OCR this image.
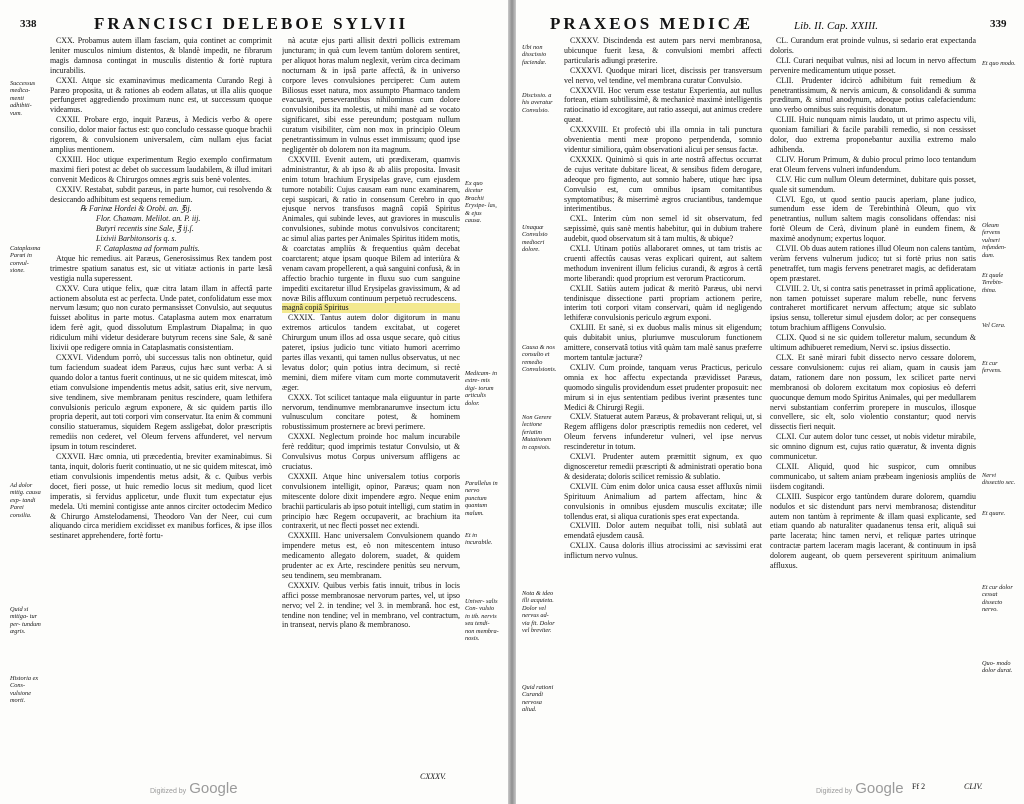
338	FRANCISCI DELEBOE SYLVII
Successus medica- menti adhibiti- vum.
Cataplasma Parœi in convul- sione.
Ad dolor mitig. causa exp- tandi Parei consilia.
Quid si mitiga- tur per- tundum ægris.
Historia ex Cons- vulsione morti.

CXX. Probamus autem illam fasciam, quia continet ac comprimit leniter musculos nimium distentos, & blandè impedit, ne fibrarum magis damnosa contingat in musculis distentio & fortè ruptura incurabilis.

CXXI. Atque sic examinavimus medicamenta Curando Regi à Paræo proposita, ut & rationes ab eodem allatas, ut illa aliis quoque perfungeret aggrediendo proximum nunc est, ut successum quoque videamus.

CXXII. Probare ergo, inquit Paræus, à Medicis verbo & opere consilio, dolor maior factus est: quo concludo cessasse quoque brachii rigorem, & convulsionem universalem, cùm nullam ejus faciat amplius mentionem.

CXXIII. Hoc utique experimentum Regio exemplo confirmatum maximi fieri potest ac debet ob successum laudabilem, & illud imitari convenit Medicos & Chirurgos omnes ægris suis benè volentes.

CXXIV. Restabat, subdit paræus, in parte humor, cui resolvendo & desiccando adhibitum est sequens remedium.

℞ Farinæ Hordei & Orobi. an. ℥ij.

Flor. Chamam. Melilot. an. P. iij.

Butyri recentis sine Sale, ℥ ij.ſ.

Lixivii Barbitonsoris q. s.

F. Cataplasma ad formam pultis.

Atque hic remedius. ait Paræus, Generosissimus Rex tandem post trimestre spatium sanatus est, sic ut vitiatæ actionis in parte læsâ vestigia nulla superessent.

CXXV. Cura utique felix, quæ citra latam illam in affectâ parte actionem absoluta est ac perfecta. Unde patet, confolidatum esse mox nervum læsum; quo non curato permansisset Convulsio, aut sequutus fuisset abolitus in parte motus. Cataplasma autem mox enarratum idem ferè agit, quod dissolutum Emplastrum Diapalma; in quo ridiculum mihi videtur desiderare butyrum recens sine Sale, & sanè lixivii ope redigere omnia in Cataplasmatis consistentiam.

CXXVI. Videndum porrò, ubi successus talis non obtinetur, quid tum faciendum suadeat idem Paræus, cujus hæc sunt verba: A si quando dolor a tantus fuerit continuus, ut ne sic quidem mitescat, imò etiam convulsione impendentis metus adsit, satius erit, sive nervum, sive tendinem, sive membranam penitus rescindere, quam lethifera convulsionis periculo ægrum exponere, & sic quidem partis illo propria deperit, aut toti corpori vim conservatur. Ita enim & communi consilio statueramus, siquidem Regem assligebat, dolor præscriptis remediis non cederet, vel Oleum fervens affunderet, vel nervum ipsum in totum rescinderet.

CXXVII. Hæc omnia, uti præcedentia, breviter examinabimus. Si tanta, inquit, doloris fuerit continuatio, ut ne sic quidem mitescat, imò etiam convulsionis impendentis metus adsit, & c. Quibus verbis docet, fieri posse, ut huic remedio locus sit medium, quod licet imperatis, si fervidus applicetur, unde fluxit tum expectatur ejus medela. Uti meminì contigisse ante annos circiter octodecim Medico & Chirurgo Amstelodamensi, Theodoro Van der Neer, cui cum aliquando circa meridiem excidisset ex manibus forfices, & ipse illos sestinaret apprehendere, fortè fortu-

nà acutæ ejus parti allisit dextri pollicis extremam juncturam; in quà cum levem tantùm dolorem sentiret, per aliquot horas malum neglexit, verùm circa decimam nocturnam & in ipsâ parte affectâ, & in universo corpore leves convulsiones perciperet: Cum autem Biliosus esset natura, mox assumpto Pharmaco tandem evacuavit, perseverantibus nihilominus cum dolore convulsionibus ita molestis, ut mihi manè ad se vocato significaret, sibi esse pereundum; postquam nullum curatum visibiliter, cùm non mox in principio Oleum penetrantissimum in vulnus esset immissum; quod ipse negligentèr ob dolorem non ita magnum.

CXXVIII. Evenit autem, uti prædixeram, quamvis administrantur, & ab ipso & ab aliis proposita. Invasit enim totum brachium Erysipelas grave, cum ejusdem tumore notabili: Cujus causam eam nunc examinarem, cepi suspicari, & ratio in consensum Cerebro in quo ejusque nervos transfusos magnâ copiâ Spiritus Animales, qui subinde leves, aut graviores in musculis convulsiones, subinde motus convulsivos concitarent; ac simul alias partes per Animales Spiritus itidem motis, & coarctatas ampliùs & frequentius quàm decebat coarctarent; atque ipsam quoque Bilem ad interiùra & venam cavam propellerent, a quà sanguini confusà, & in affectio brachio turgente in fluxu suo cum sanguine impediti excitaretur illud Erysipelas gravissimum, & ad novæ Bilis affluxum continuum perpetuò recrudescens.

magnâ copiâ Spiritus

CXXIX. Tantus autem dolor digitorum in manu extremos articulos tandem excitabat, ut cogeret Chirurgum unum illos ad ossa usque secare, quò citius pateret, ipsius judicio tunc vitiato humori acerrimo partes illas vexanti, qui tamen nullus observatus, ut nec levatus dolor; quin potius intra decimum, si rectè memini, diem mifere vitam cum morte commutaverit æger.

CXXX. Tot scilicet tantaque mala eiiguuntur in parte nervorum, tendinumve membranarumve insectum ictu vulnusculum concitare potest, & hominem robustissimum prosternere ac brevi perimere.

CXXXI. Neglectum proinde hoc malum incurabile ferè redditur; quod imprimis testatur Convulsio, ut & Convulsivus motus Corpus universum affligens ac cruciatus.

CXXXII. Atque hinc universalem totius corporis convulsionem intelligit, opinor, Paræus; quam non mitescente dolore dixit impendere ægro. Neque enim brachii particularis ab ipso potuit intelligi, cum statim in principio hæc Regem occupaverit, ac brachium ita contraxerit, ut nec flecti posset nec extendi.

CXXXIII. Hanc universalem Convulsionem quando impendere metus est, eò non mitescentem intuso medicamento allegato dolorem, suadet, & quidem prudenter ac ex Arte, rescindere penitùs seu nervum, seu tendinem, seu membranam.

CXXXIV. Quibus verbis fatis innuit, tribus in locis affici posse membranosae nervorum partes, vel, ut ipso nervo; vel 2. in tendine; vel 3. in membranâ. hoc est, tendine non tendine; vel in membrano, vel contractum, in transeat, nervis plano & membranoso.

Ex quo dicetur Brachii Erysipe- las, & ejus causa.
Medicam- in extre- mis digi- torum articulis dolor.
Parallelus in nervo punctum quantum malum.
Et in incurabile.
Univer- salis Con- vulsio in tib. nervis seu tendi- non membra- nosis.
CXXXV.
Digitized by Google
PRAXEOS MEDICÆ	Lib. II. Cap. XXIII.	339
Ubi non disscissio faciendæ.
Discissio. a his averatur Convulsio.
Unaquæ Convulsio mediocri dolore.
Causa & nos consulto et remedio Convulsionis.
Non Gerere lectione feriatim Mutationen in capsiois.
Nota & ideo illi acquieta. Dolor vel nervus ad- via fit. Dolor vel breviter.
Quid rationi Curandi nervosa aliud.

CXXXV. Discindenda est autem pars nervi membranosa, ubicunque fuerit læsa, & convulsioni membri affecti particularis adiungi præterire.

CXXXVI. Quodque mirari licet, discissis per transversum vel nervo, vel tendine, vel membrana curatur Convulsio.

CXXXVII. Hoc verum esse testatur Experientia, aut nullus fortean, etiam subtilissimè, & mechanicè maximè intelligentis ratiocinatio id excogitare, aut ratio assequi, aut animus credere queat.

CXXXVIII. Et profectò ubi illa omnia in tali punctura obvenientia menti meæ propono perpendenda, somnio videntur similiora, quàm observationi alicui per sensus factæ.

CXXXIX. Quinimò si quis in arte nostrâ affectus occurrat de cujus veritate dubitare liceat, & sensibus fidem derogare, adeoque pro figmento, aut somnio habere, utique hæc ipsa Convulsio est, cum omnibus ipsam comitantibus symptomatibus; & miserrimè ægros cruciantibus, tandemque interimentibus.

CXL. Interim cùm non semel id sit observatum, fed sæpissimè, quis sanè mentis habebitur, qui in dubium trahere audebit, quod observatum sit à tam multis, & ubique?

CXLI. Utinam potiùs allaboraret omnes, ut tam tristis ac cruenti affectûs causas veras explicari quirent, aut saltem methodum invenirent illum felicius curandi, & ægros à certâ morte liberandi: quod proprium est verorum Practicorum.

CXLII. Satiùs autem judicat & meritò Paræus, ubi nervi tendinisque dissectione parti propriam actionem perire, interim toti corpori vitam conservari, quàm id negligendo lethiferæ convulsionis periculo ægrum exponi.

CXLIII. Et sanè, si ex duobus malis minus sit eligendum; quis dubitabit unius, pluriumve musculorum functionem amittere, conservatâ totius vitâ quàm tam malè sanus præferre mortem tantulæ jacturæ?

CXLIV. Cum proinde, tanquam verus Practicus, periculo omnia ex hoc affectu expectanda prævidisset Paræus, quomodo singulis providendum esset prudenter proposuit: nec mirum si in ejus sententiam pedibus iverint præsentes tunc Medici & Chirurgi Regii.

CXLV. Statuerat autem Paræus, & probaverant reliqui, ut, si Regem affligens dolor præscriptis remediis non cederet, vel Oleum fervens infunderetur vulneri, vel ipse nervus rescinderetur in totum.

CXLVI. Prudenter autem præmittit signum, ex quo dignosceretur remedii præscripti & administrati operatio bona & desiderata; doloris scilicet remissio & sublatio.

CXLVII. Cùm enim dolor unica causa esset affluxûs nimii Spirituum Animalium ad partem affectam, hinc & convulsionis in omnibus ejusdem musculis excitatæ; ille tollendus erat, si aliqua curationis spes erat expectanda.

CXLVIII. Dolor autem nequibat tolli, nisi sublatâ aut emendatâ ejusdem causâ.

CXLIX. Causa doloris illius atrocissimi ac sævissimi erat inflictum nervo vulnus.

CL. Curandum erat proinde vulnus, si sedario erat expectanda doloris.

CLI. Curari nequibat vulnus, nisi ad locum in nervo affectum pervenire medicamentum utique posset.

CLII. Prudenter idcircò adhibitum fuit remedium & penetrantissimum, & nervis amicum, & consolidandi & summa præditum, & simul anodynum, adeoque potius calefaciendum: uno verbo omnibus suis requisitis donatum.

CLIII. Huic nunquam nimis laudato, ut ut primo aspectu vili, quoniam familiari & facile parabili remedio, si non cessisset dolor, duo extrema proponebantur auxilia extremo malo adhibenda.

CLIV. Horum Primum, & dubio procul primo loco tentandum erat Oleum fervens vulneri infundendum.

CLV. Hic cum nullum Oleum determinet, dubitare quis posset, quale sit sumendum.

CLVI. Ego, ut quod sentio paucis aperiam, plane judico, sumendum esse idem de Terebinthinà Oleum, quo vix penetrantius, nullum saltem magis consolidans offendas: nisi fortè Oleum de Cerà, divinum planè in eundem finem, & maximè anodynum; expertus loquor.

CLVII. Ob duas autem rationes illud Oleum non calens tantùm, verùm fervens vulnerum judico; tut si fortè prius non satis penetraffet, tum magis fervens penetraret magis, ac defideratam opem præstaret.

CLVIII. 2. Ut, si contra satis penetrasset in primâ applicatione, non tamen potuisset superare malum rebelle, nunc fervens contraheret mortificaret nervum affectum; atque sic sublato ipsius sensu, tolleretur simul ejusdem dolor; ac per consequens totum brachium affligens Convulsio.

CLIX. Quod si ne sic quidem tolleretur malum, secundum & ultimum adhibueret remedium, Nervi sc. ipsius dissectio.

CLX. Et sanè mirari fubit dissecto nervo cessare dolorem, cessare convulsionem: cujus rei aliam, quam in causis jam datam, rationem dare non possum, lex scilicet parte nervi membranosi ob dolorem excitatum mox copiosius eò deferri quocunque demum modo Spiritus Animales, qui per medullarem nervi substantiam conferrim prorepere in musculos, illosque convellere, sic elt, solo violentio constantur; quod nervis dissectis fieri nequit.

CLXI. Cur autem dolor tunc cesset, ut nobis videtur mirabile, sic omnino dignum est, cujus ratio quæratur, & inventa dignis communicetur.

CLXII. Aliquid, quod hic suspicor, cum omnibus communicabo, ut saltem aniam præbeam ingeniosis ampliùs de iisdem cogitandi.

CLXIII. Suspicor ergo tantùndem durare dolorem, quamdiu nodulos et sic distendunt pars nervi membranosa; distenditur autem non tantùm à reprimente & illam quasi explicante, sed etiam quando ab naturaliter quadanenus tensa erit, aliquâ sui parte lacerata; hinc tamen nervi, et reliquæ partes utrinque contractæ partem laceram magis lacerant, & continuum in ipsâ dolorem augeant, ob quem perseverent spirituum animalium affluxus.

Et quo modo.
Oleum fervens vulneri infunden- dum.
Et quale Terebin- thina.
Vel Cera.
Et cur fervens.
Nervi dissectio sec.
Et quare.
Et cur dolor cessat dissecto nervo.
Quo- modo dolor durat.
Ff 2	CLIV.
Digitized by Google
